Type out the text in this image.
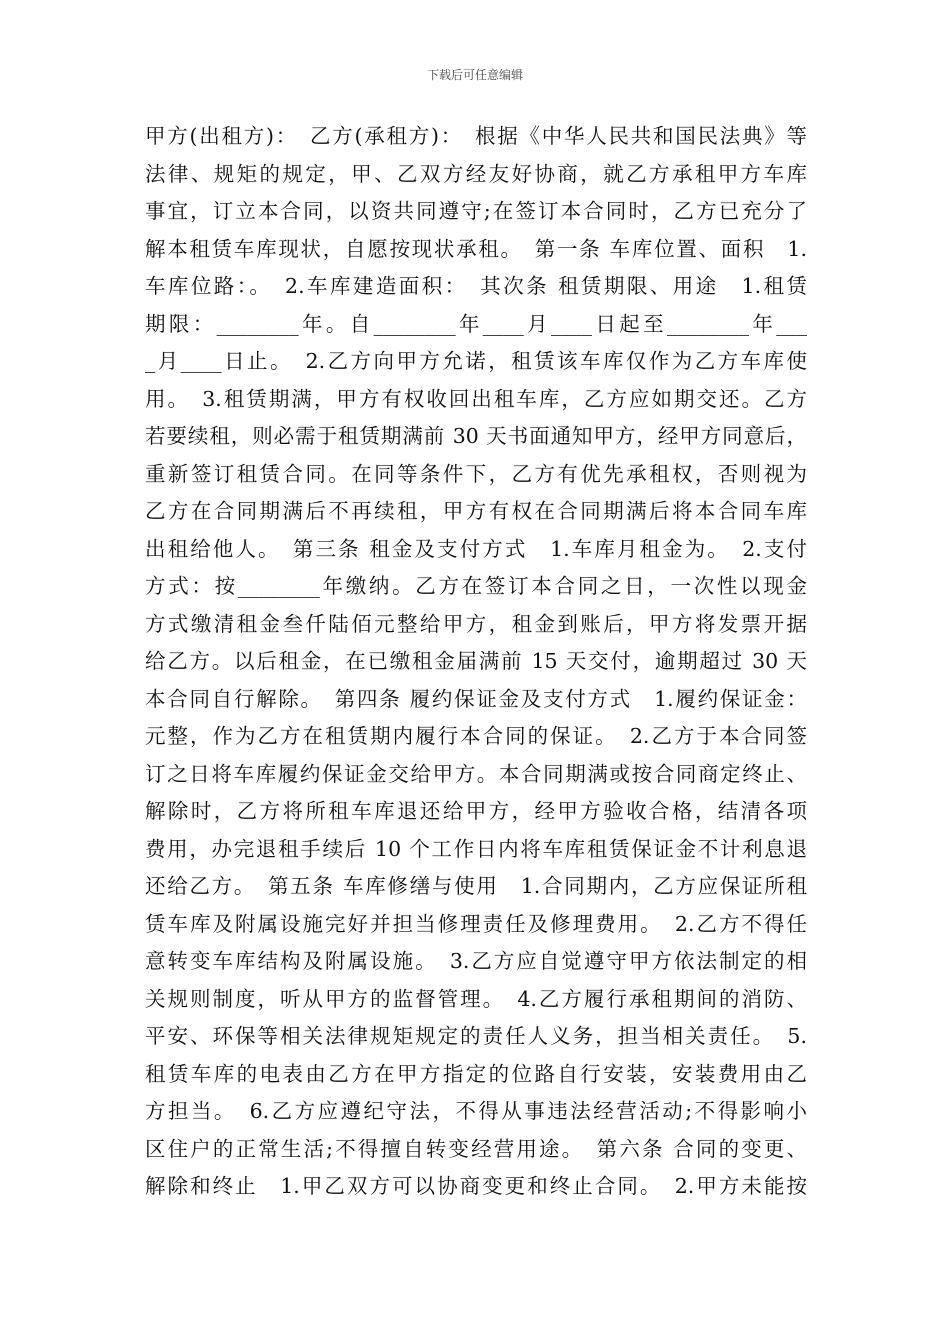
下载后可任意编辑
甲方(出租方)：　乙方(承租方)：　根据《中华人民共和国民法典》等
法律、规矩的规定，甲、乙双方经友好协商，就乙方承租甲方车库
事宜，订立本合同，以资共同遵守;在签订本合同时，乙方已充分了
解本租赁车库现状，自愿按现状承租。　第一条 车库位置、面积　1.
车库位路：。　2.车库建造面积：　其次条 租赁期限、用途　1.租赁
期限：________年。自________年____月____日起至________年___
_月____日止。　2.乙方向甲方允诺，租赁该车库仅作为乙方车库使
用。　3.租赁期满，甲方有权收回出租车库，乙方应如期交还。乙方
若要续租，则必需于租赁期满前 30 天书面通知甲方，经甲方同意后，
重新签订租赁合同。在同等条件下，乙方有优先承租权，否则视为
乙方在合同期满后不再续租，甲方有权在合同期满后将本合同车库
出租给他人。　第三条 租金及支付方式　1.车库月租金为。　2.支付
方式：按________年缴纳。乙方在签订本合同之日，一次性以现金
方式缴清租金叁仟陆佰元整给甲方，租金到账后，甲方将发票开据
给乙方。以后租金，在已缴租金届满前 15 天交付，逾期超过 30 天
本合同自行解除。　第四条 履约保证金及支付方式　1.履约保证金：
元整，作为乙方在租赁期内履行本合同的保证。　2.乙方于本合同签
订之日将车库履约保证金交给甲方。本合同期满或按合同商定终止、
解除时，乙方将所租车库退还给甲方，经甲方验收合格，结清各项
费用，办完退租手续后 10 个工作日内将车库租赁保证金不计利息退
还给乙方。　第五条 车库修缮与使用　1.合同期内，乙方应保证所租
赁车库及附属设施完好并担当修理责任及修理费用。　2.乙方不得任
意转变车库结构及附属设施。　3.乙方应自觉遵守甲方依法制定的相
关规则制度，听从甲方的监督管理。　4.乙方履行承租期间的消防、
平安、环保等相关法律规矩规定的责任人义务，担当相关责任。　5.
租赁车库的电表由乙方在甲方指定的位路自行安装，安装费用由乙
方担当。　6.乙方应遵纪守法，不得从事违法经营活动;不得影响小
区住户的正常生活;不得擅自转变经营用途。　第六条 合同的变更、
解除和终止　1.甲乙双方可以协商变更和终止合同。　2.甲方未能按
